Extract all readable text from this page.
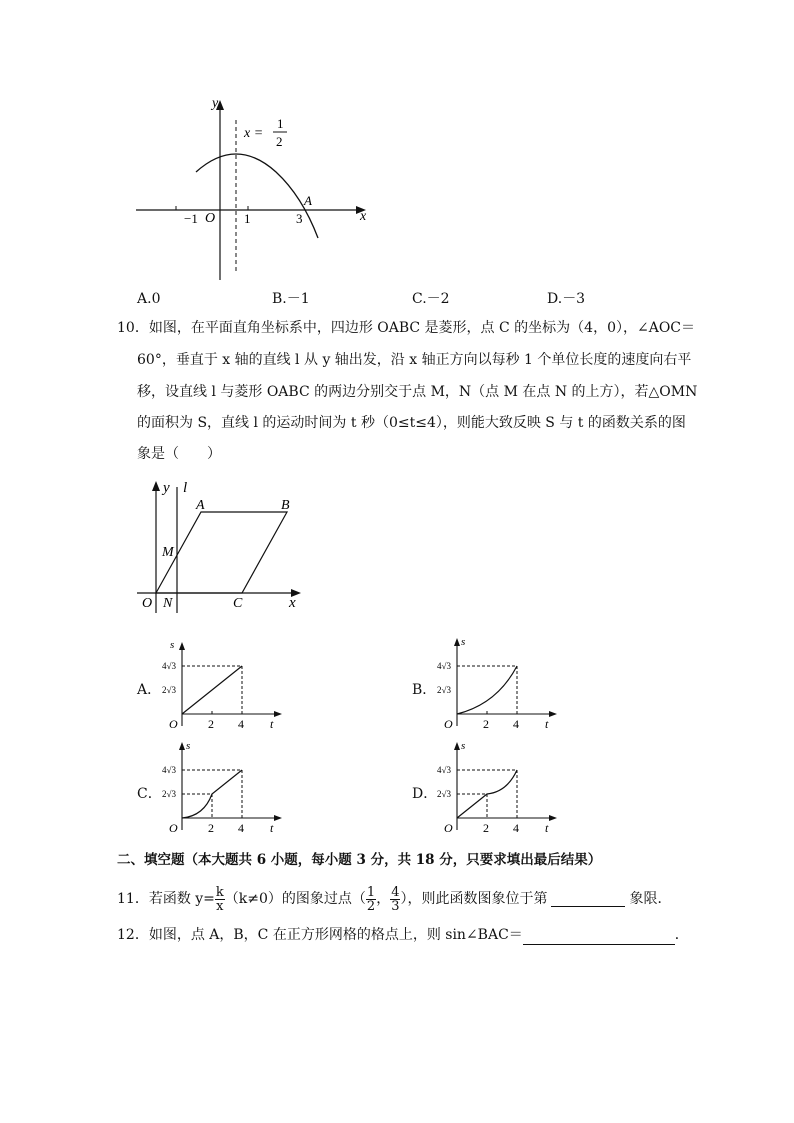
y
x
O
−1	1	3
A
x =
1
2
A.0	B.－1	C.－2	D.－3
10．如图，在平面直角坐标系中，四边形 OABC 是菱形，点 C 的坐标为（4，0），∠AOC＝
60°，垂直于 x 轴的直线 l 从 y 轴出发，沿 x 轴正方向以每秒 1 个单位长度的速度向右平
移，设直线 l 与菱形 OABC 的两边分别交于点 M，N（点 M 在点 N 的上方），若△OMN
的面积为 S，直线 l 的运动时间为 t 秒（0≤t≤4），则能大致反映 S 与 t 的函数关系的图
象是（　　）
y l
A	B
M
O N	C	x
A．
s
4√3
2√3
O	2 4 t
B．
s
4√3
2√3
O	2 4 t
C．
s
4√3
2√3
O	2 4 t
D．
s
4√3
2√3
O	2 4 t
二、填空题（本大题共 6 小题，每小题 3 分，共 18 分，只要求填出最后结果）
11．若函数 $y= \frac{k}{x} (k\ne 0)$的图象过点（ $\frac{1}{2}$ ， $\frac{4}{3}$ ），则此函数图象位于第	象限．
12．如图，点 A，B，C 在正方形网格的格点上，则 sin∠BAC＝	．
